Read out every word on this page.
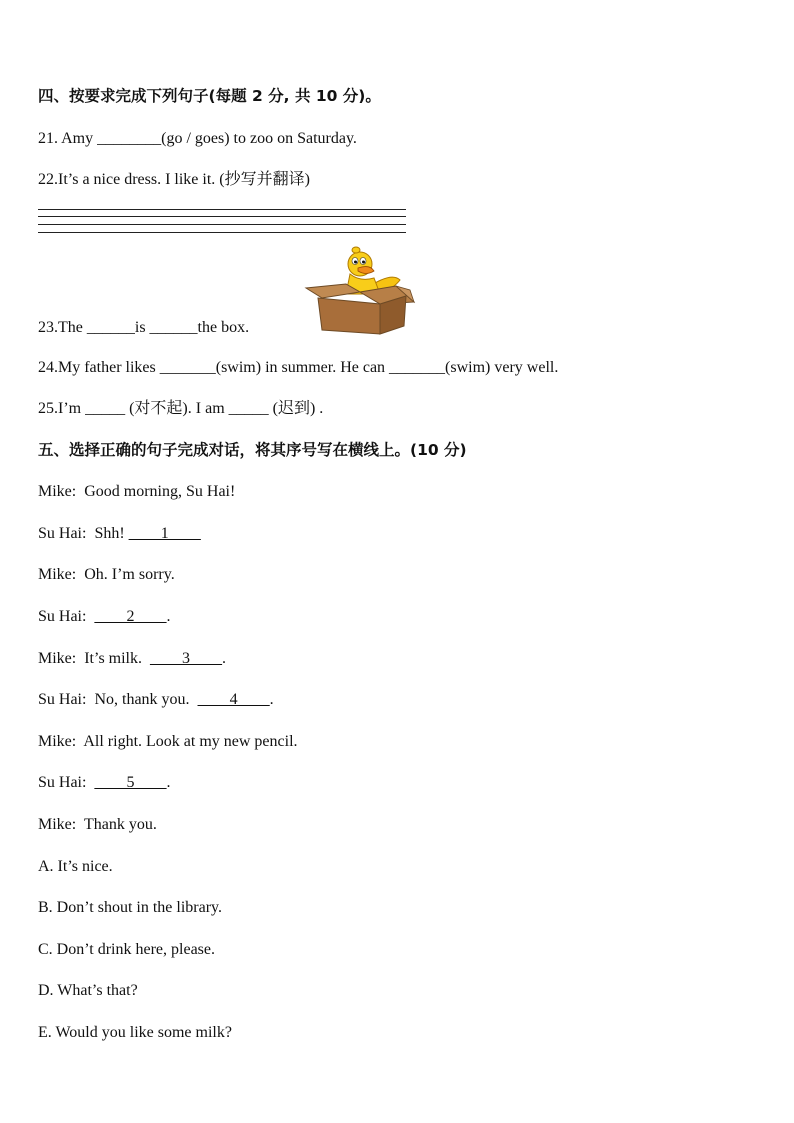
四、按要求完成下列句子(每题 2 分, 共 10 分)。
21. Amy ________(go / goes) to zoo on Saturday.
22.It’s a nice dress. I like it. (抄写并翻译)
23.The ______is ______the box.
24.My father likes _______(swim) in summer. He can _______(swim) very well.
25.I’m _____ (对不起). I am _____ (迟到) .
五、选择正确的句子完成对话，将其序号写在横线上。(10 分)
Mike: Good morning, Su Hai!
Su Hai: Shh! ____1____
Mike: Oh. I’m sorry.
Su Hai: ____2____.
Mike: It’s milk. ____3____.
Su Hai: No, thank you. ____4____.
Mike: All right. Look at my new pencil.
Su Hai: ____5____.
Mike: Thank you.
A. It’s nice.
B. Don’t shout in the library.
C. Don’t drink here, please.
D. What’s that?
E. Would you like some milk?
